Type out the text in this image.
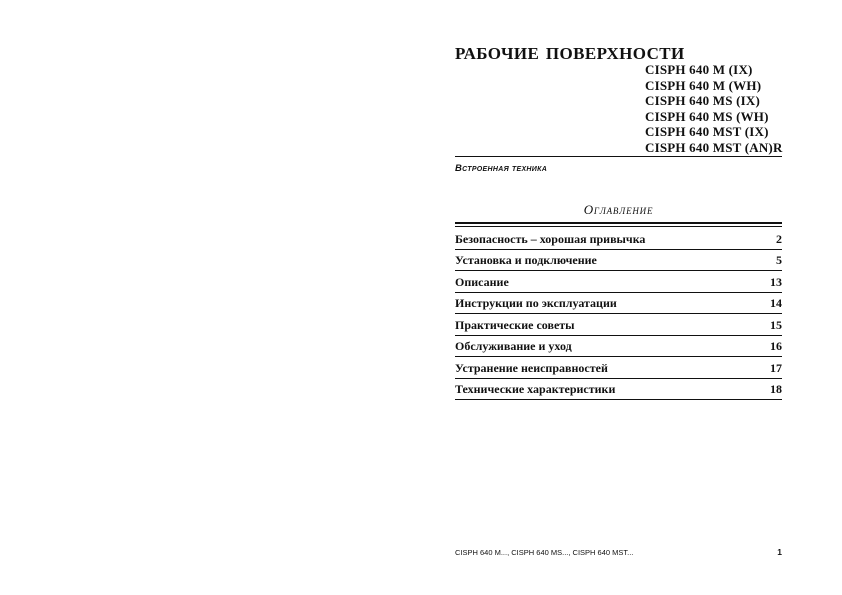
РАБОЧИЕ ПОВЕРХНОСТИ
CISPH 640 M (IX)
CISPH 640 M (WH)
CISPH 640 MS (IX)
CISPH 640 MS (WH)
CISPH 640 MST (IX)
CISPH 640 MST (AN)R
Встроенная техника
Оглавление
Безопасность – хорошая привычка	2
Установка и подключение	5
Описание	13
Инструкции по эксплуатации	14
Практические советы	15
Обслуживание и уход	16
Устранение неисправностей	17
Технические характеристики	18
CISPH 640 M..., CISPH 640 MS..., CISPH 640 MST...	1
